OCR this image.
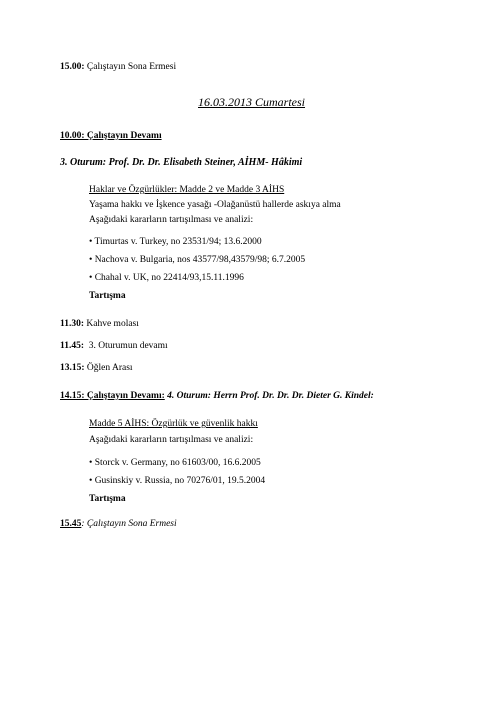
15.00: Çalıştayın Sona Ermesi
16.03.2013 Cumartesi
10.00: Çalıştayın Devamı
3. Oturum: Prof. Dr. Dr. Elisabeth Steiner, AİHM- Hâkimi
Haklar ve Özgürlükler: Madde 2 ve Madde 3 AİHS
Yaşama hakkı ve İşkence yasağı -Olağanüstü hallerde askıya alma
Aşağıdaki kararların tartışılması ve analizi:
• Timurtas v. Turkey, no 23531/94; 13.6.2000
• Nachova v. Bulgaria, nos 43577/98,43579/98; 6.7.2005
• Chahal v. UK, no 22414/93,15.11.1996
Tartışma
11.30: Kahve molası
11.45:  3. Oturumun devamı
13.15: Öğlen Arası
14.15: Çalıştayın Devamı: 4. Oturum: Herrn Prof. Dr. Dr. Dr. Dieter G. Kindel:
Madde 5 AİHS: Özgürlük ve güvenlik hakkı
Aşağıdaki kararların tartışılması ve analizi:
• Storck v. Germany, no 61603/00, 16.6.2005
• Gusinskiy v. Russia, no 70276/01, 19.5.2004
Tartışma
15.45: Çalıştayın Sona Ermesi
